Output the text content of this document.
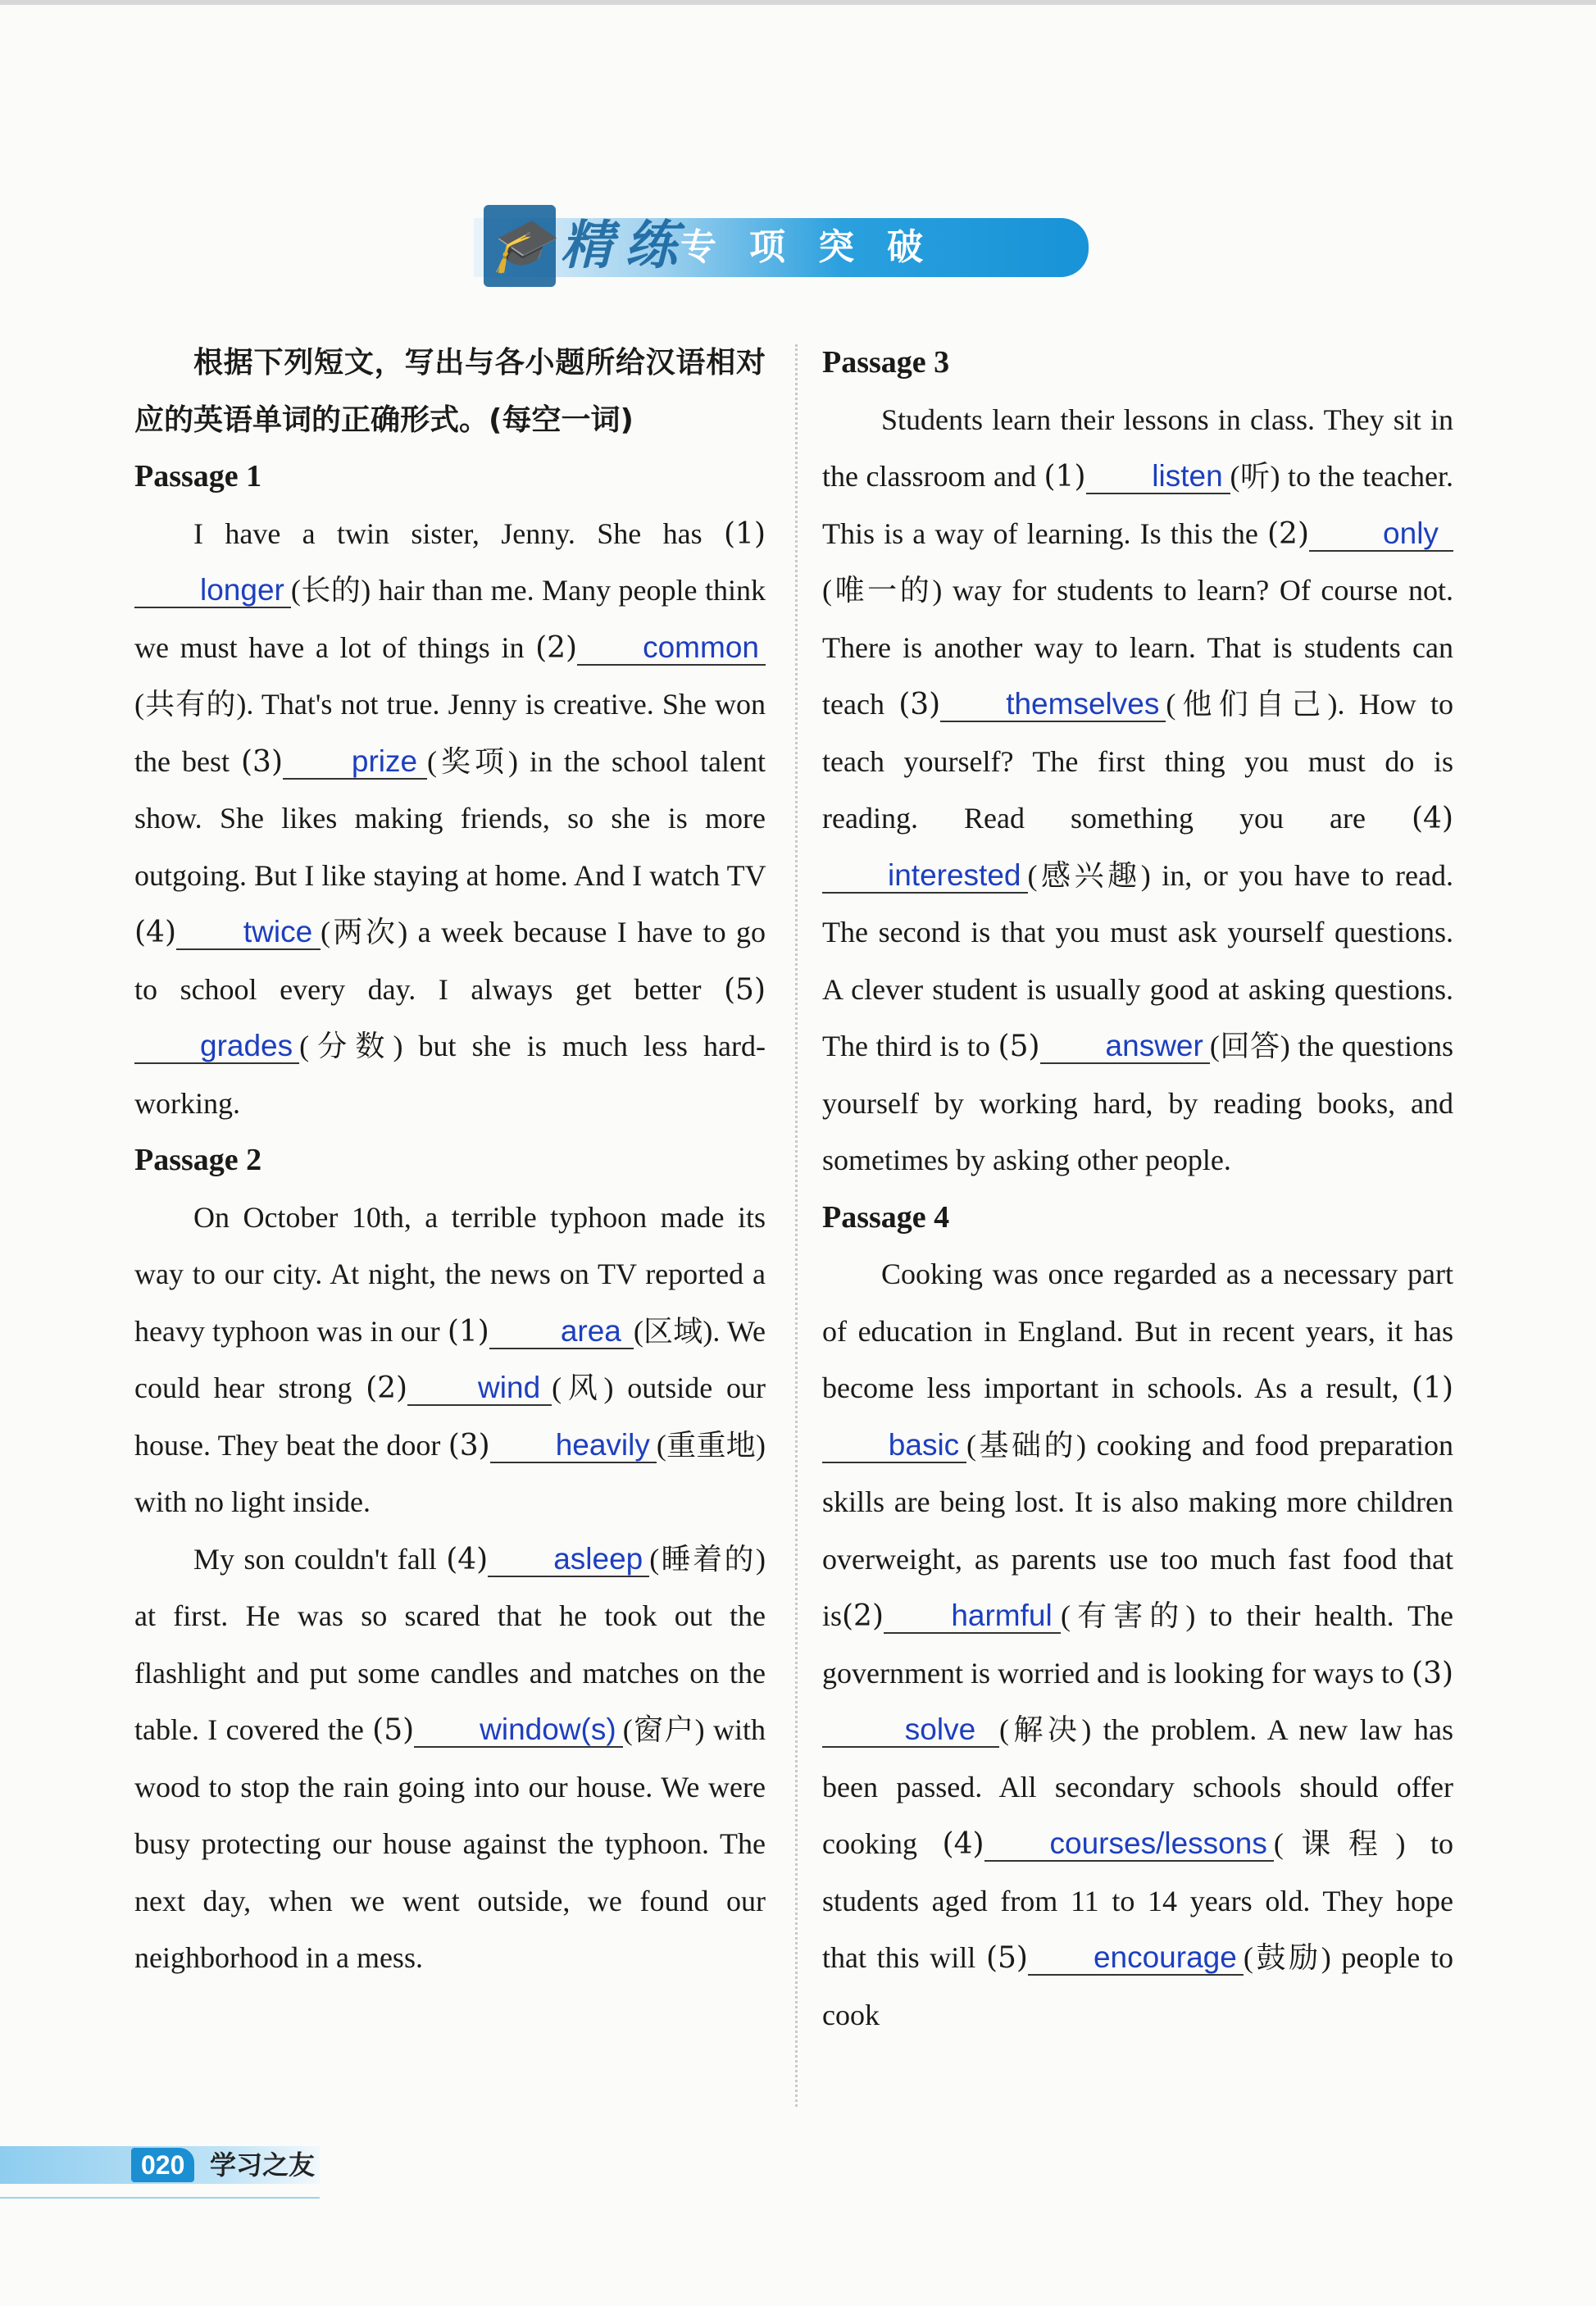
🎓 精 练 专项突破

根据下列短文，写出与各小题所给汉语相对应的英语单词的正确形式。(每空一词)

Passage 1

I have a twin sister, Jenny. She has (1)longer (长的) hair than me. Many people think we must have a lot of things in (2) common(共有的). That's not true. Jenny is creative. She won the best (3) prize (奖项) in the school talent show. She likes making friends, so she is more outgoing. But I like staying at home. And I watch TV (4) twice (两次) a week because I have to go to school every day. I always get better (5)grades (分数) but she is much less hard-working.

Passage 2

On October 10th, a terrible typhoon made its way to our city. At night, the news on TV reported a heavy typhoon was in our (1) area (区域). We could hear strong (2) wind (风) outside our house. They beat the door (3) heavily (重重地) with no light inside.

My son couldn't fall (4) asleep (睡着的) at first. He was so scared that he took out the flashlight and put some candles and matches on the table. I covered the (5) window(s) (窗户) with wood to stop the rain going into our house. We were busy protecting our house against the typhoon. The next day, when we went outside, we found our neighborhood in a mess.

Passage 3

Students learn their lessons in class. They sit in the classroom and (1) listen (听) to the teacher. This is a way of learning. Is this the (2) only(唯一的) way for students to learn? Of course not. There is another way to learn. That is students can teach (3) themselves (他们自己). How to teach yourself? The first thing you must do is reading. Read something you are (4)interested (感兴趣) in, or you have to read. The second is that you must ask yourself questions. A clever student is usually good at asking questions. The third is to (5) answer (回答) the questions yourself by working hard, by reading books, and sometimes by asking other people.

Passage 4

Cooking was once regarded as a necessary part of education in England. But in recent years, it has become less important in schools. As a result, (1)basic (基础的) cooking and food preparation skills are being lost. It is also making more children overweight, as parents use too much fast food that is(2) harmful (有害的) to their health. The government is worried and is looking for ways to (3)solve (解决) the problem. A new law has been passed. All secondary schools should offer cooking (4) courses/lessons (课程) to students aged from 11 to 14 years old. They hope that this will (5) encourage (鼓励) people to cook

020 学习之友
